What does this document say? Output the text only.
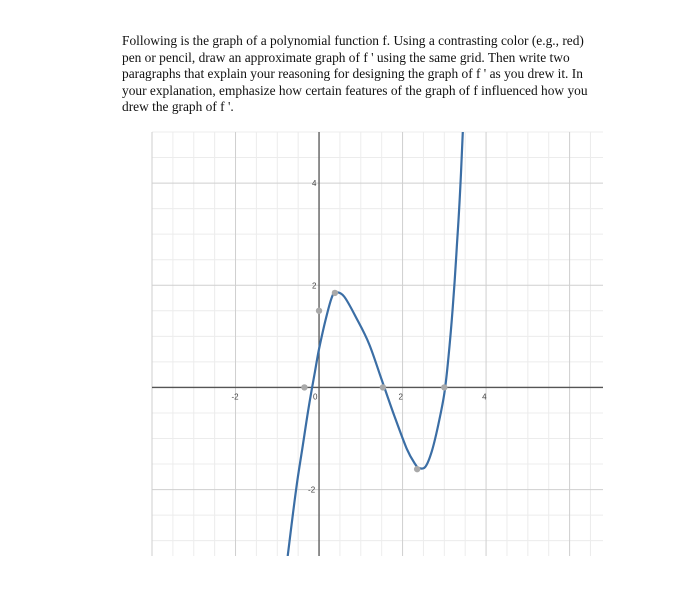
Following is the graph of a polynomial function f. Using a contrasting color (e.g., red)

pen or pencil, draw an approximate graph of f ' using the same grid. Then write two

paragraphs that explain your reasoning for designing the graph of f ' as you drew it. In

your explanation, emphasize how certain features of the graph of f influenced how you

drew the graph of f '.

-2	0	2	4
-2
2
4
